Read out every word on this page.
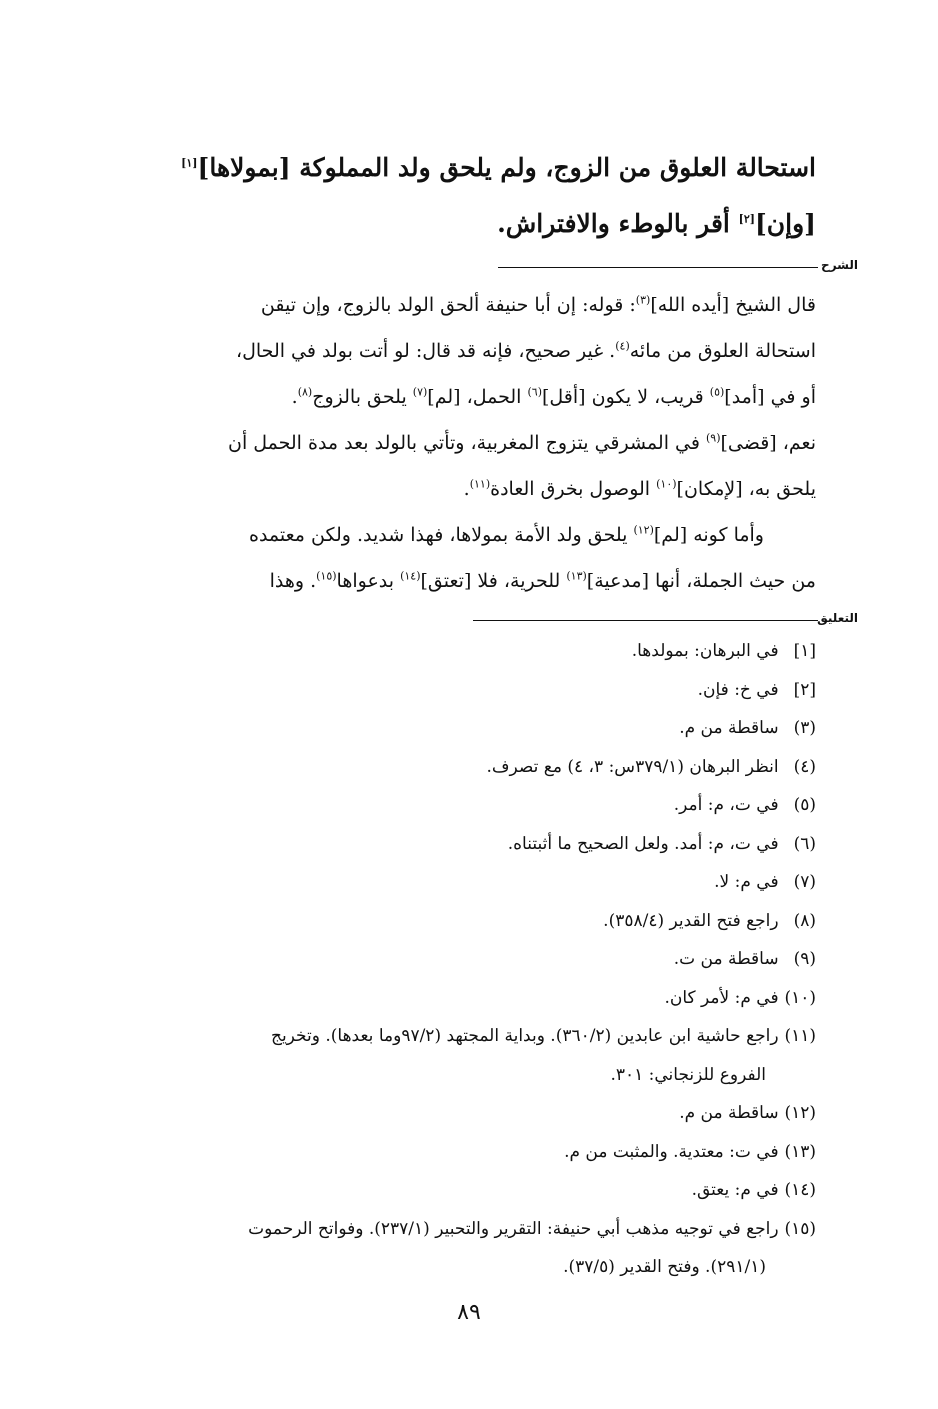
استحالة العلوق من الزوج، ولم يلحق ولد المملوكة [بمولاها][١]
[وإن][٢] أقر بالوطء والافتراش.
الشرح
قال الشيخ [أيده الله]$^{(٣)}$: قوله: إن أبا حنيفة ألحق الولد بالزوج، وإن تيقن
استحالة العلوق من مائه$^{(٤)}$. غير صحيح، فإنه قد قال: لو أتت بولد في الحال،
أو في [أمد]$^{(٥)}$ قريب، لا يكون [أقل]$^{(٦)}$ الحمل، [لم]$^{(٧)}$ يلحق بالزوج$^{(٨)}$.
نعم، [قضى]$^{(٩)}$ في المشرقي يتزوج المغربية، وتأتي بالولد بعد مدة الحمل أن
يلحق به، [لإمكان]$^{(١٠)}$ الوصول بخرق العادة$^{(١١)}$.
وأما كونه [لم]$^{(١٢)}$ يلحق ولد الأمة بمولاها، فهذا شديد. ولكن معتمده
من حيث الجملة، أنها [مدعية]$^{(١٣)}$ للحرية، فلا [تعتق]$^{(١٤)}$ بدعواها$^{(١٥)}$. وهذا
التعليق
[١] في البرهان: بمولدها.
[٢] في خ: فإن.
(٣) ساقطة من م.
(٤) انظر البرهان (٣٧٩/١س: ٣، ٤) مع تصرف.
(٥) في ت، م: أمر.
(٦) في ت، م: أمد. ولعل الصحيح ما أثبتناه.
(٧) في م: لا.
(٨) راجع فتح القدير (٣٥٨/٤).
(٩) ساقطة من ت.
(١٠) في م: لأمر كان.
(١١) راجع حاشية ابن عابدين (٣٦٠/٢). وبداية المجتهد (٩٧/٢وما بعدها). وتخريج
الفروع للزنجاني: ٣٠١.
(١٢) ساقطة من م.
(١٣) في ت: معتدية. والمثبت من م.
(١٤) في م: يعتق.
(١٥) راجع في توجيه مذهب أبي حنيفة: التقرير والتحبير (٢٣٧/١). وفواتح الرحموت
(٢٩١/١). وفتح القدير (٣٧/٥).
٨٩
